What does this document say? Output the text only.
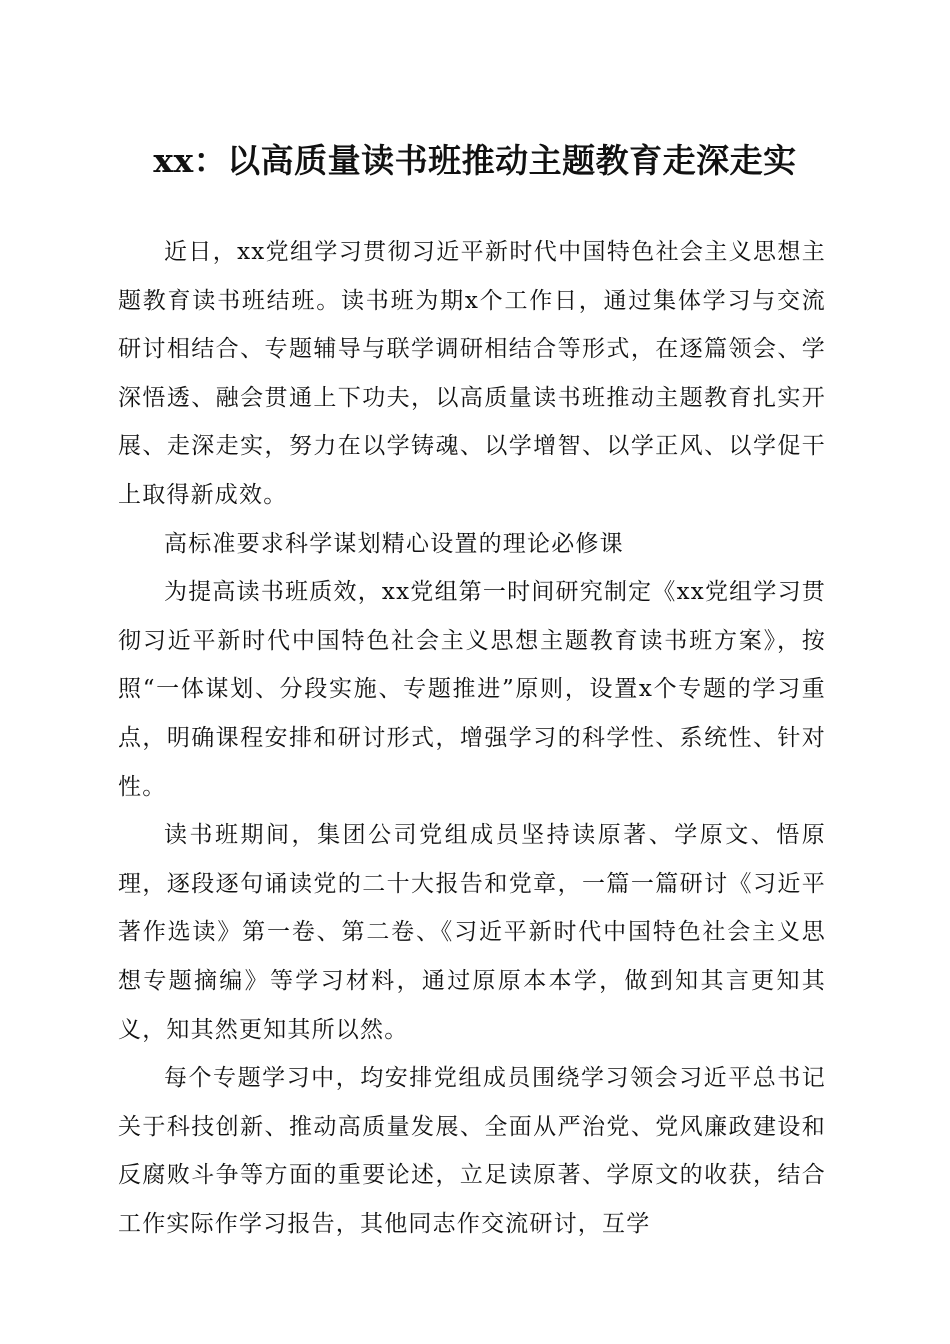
xx：以高质量读书班推动主题教育走深走实

近日，xx党组学习贯彻习近平新时代中国特色社会主义思想主题教育读书班结班。读书班为期x个工作日，通过集体学习与交流研讨相结合、专题辅导与联学调研相结合等形式，在逐篇领会、学深悟透、融会贯通上下功夫，以高质量读书班推动主题教育扎实开展、走深走实，努力在以学铸魂、以学增智、以学正风、以学促干上取得新成效。

高标准要求科学谋划精心设置的理论必修课

为提高读书班质效，xx党组第一时间研究制定《xx党组学习贯彻习近平新时代中国特色社会主义思想主题教育读书班方案》，按照“一体谋划、分段实施、专题推进”原则，设置x个专题的学习重点，明确课程安排和研讨形式，增强学习的科学性、系统性、针对性。

读书班期间，集团公司党组成员坚持读原著、学原文、悟原理，逐段逐句诵读党的二十大报告和党章，一篇一篇研讨《习近平著作选读》第一卷、第二卷、《习近平新时代中国特色社会主义思想专题摘编》等学习材料，通过原原本本学，做到知其言更知其义，知其然更知其所以然。

每个专题学习中，均安排党组成员围绕学习领会习近平总书记关于科技创新、推动高质量发展、全面从严治党、党风廉政建设和反腐败斗争等方面的重要论述，立足读原著、学原文的收获，结合工作实际作学习报告，其他同志作交流研讨，互学
